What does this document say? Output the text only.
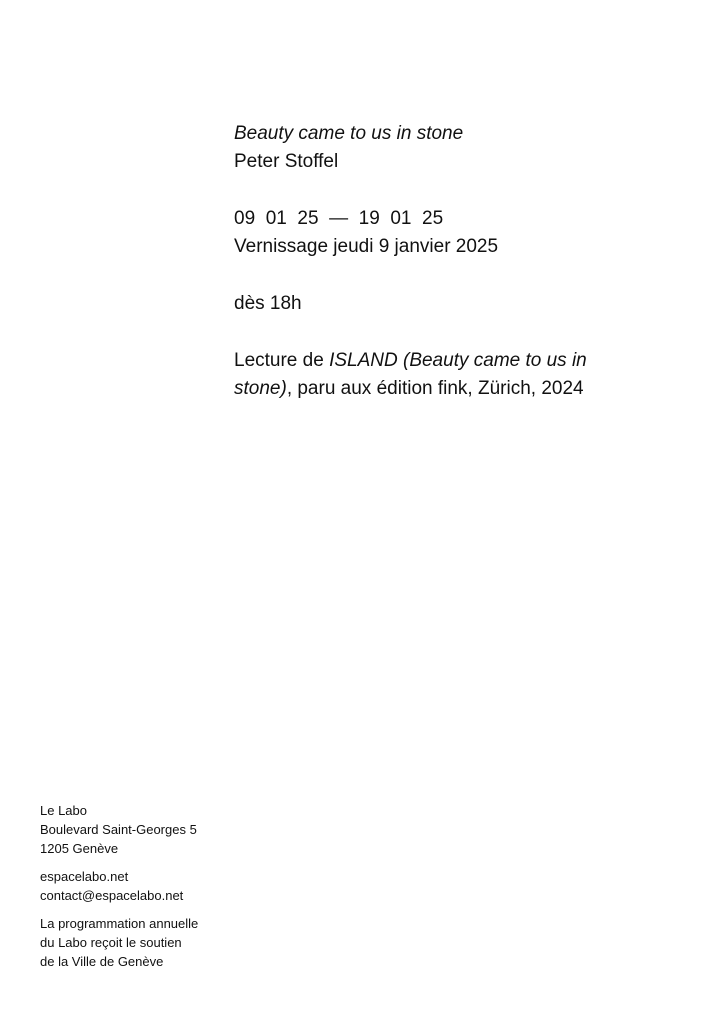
Beauty came to us in stone

Peter Stoffel

09  01  25  —  19  01  25

Vernissage jeudi 9 janvier 2025

dès 18h

Lecture de ISLAND (Beauty came to us in
stone), paru aux édition fink, Zürich, 2024

Le Labo

Boulevard Saint-Georges 5

1205 Genève

espacelabo.net

contact@espacelabo.net

La programmation annuelle

du Labo reçoit le soutien

de la Ville de Genève
